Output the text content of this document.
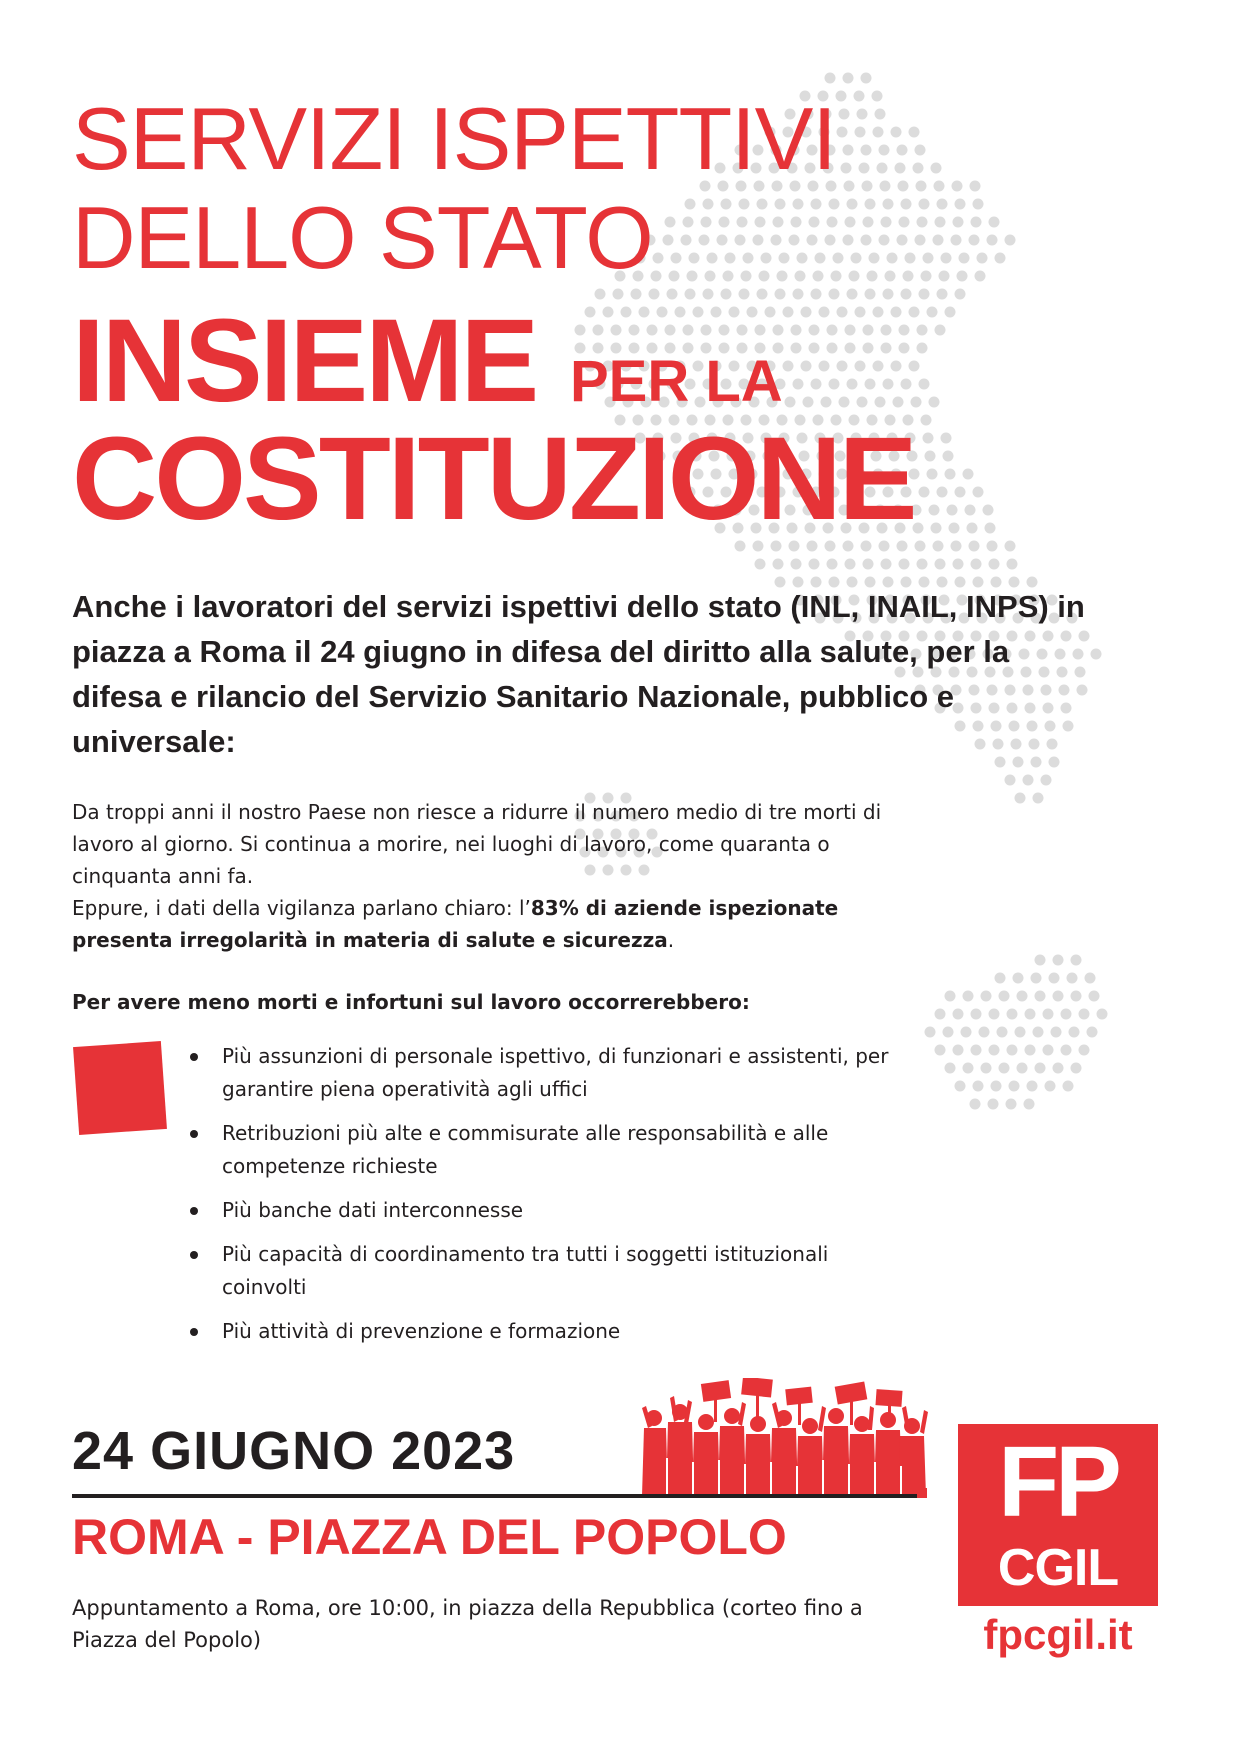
SERVIZI ISPETTIVI
DELLO STATO
INSIEME PER LA
COSTITUZIONE

Anche i lavoratori del servizi ispettivi dello stato (INL, INAIL, INPS) in piazza a Roma il 24 giugno in difesa del diritto alla salute, per la difesa e rilancio del Servizio Sanitario Nazionale, pubblico e universale:

Da troppi anni il nostro Paese non riesce a ridurre il numero medio di tre morti di lavoro al giorno. Si continua a morire, nei luoghi di lavoro, come quaranta o cinquanta anni fa.

Eppure, i dati della vigilanza parlano chiaro: l’83% di aziende ispezionate presenta irregolarità in materia di salute e sicurezza.

Per avere meno morti e infortuni sul lavoro occorrerebbero:

Più assunzioni di personale ispettivo, di funzionari e assistenti, per garantire piena operatività agli uffici
Retribuzioni più alte e commisurate alle responsabilità e alle competenze richieste
Più banche dati interconnesse
Più capacità di coordinamento tra tutti i soggetti istituzionali coinvolti
Più attività di prevenzione e formazione

24 GIUGNO 2023

ROMA - PIAZZA DEL POPOLO

Appuntamento a Roma, ore 10:00, in piazza della Repubblica (corteo fino a Piazza del Popolo)

FP

CGIL

fpcgil.it
